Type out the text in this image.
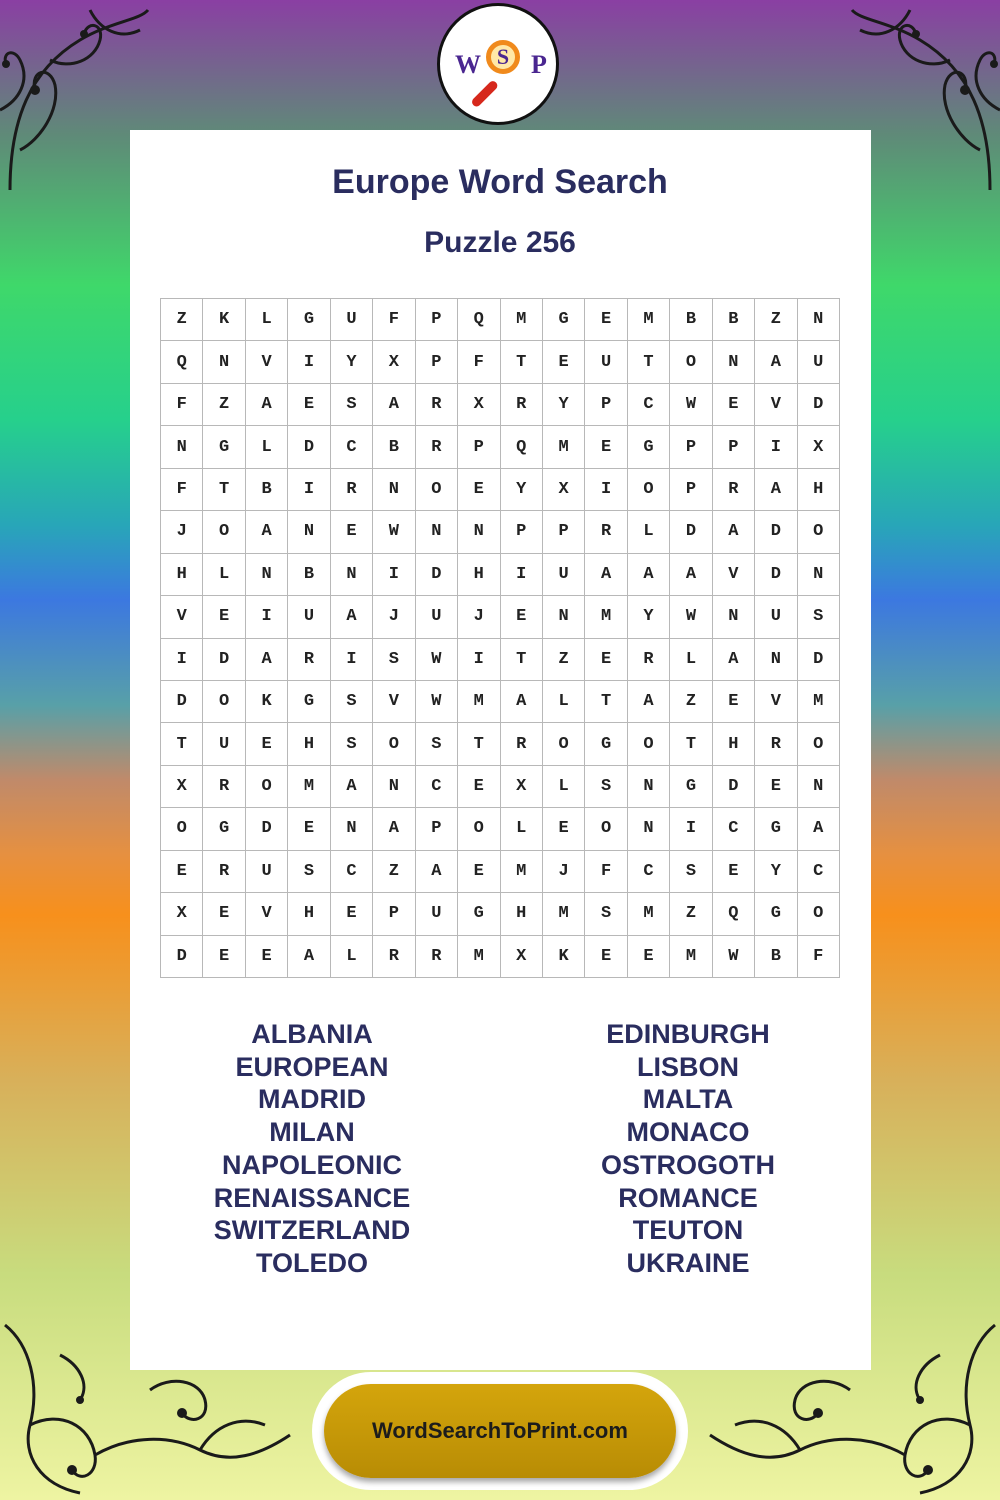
W S P
Europe Word Search
Puzzle 256
Z	K	L	G	U	F	P	Q	M	G	E	M	B	B	Z	N
Q	N	V	I	Y	X	P	F	T	E	U	T	O	N	A	U
F	Z	A	E	S	A	R	X	R	Y	P	C	W	E	V	D
N	G	L	D	C	B	R	P	Q	M	E	G	P	P	I	X
F	T	B	I	R	N	O	E	Y	X	I	O	P	R	A	H
J	O	A	N	E	W	N	N	P	P	R	L	D	A	D	O
H	L	N	B	N	I	D	H	I	U	A	A	A	V	D	N
V	E	I	U	A	J	U	J	E	N	M	Y	W	N	U	S
I	D	A	R	I	S	W	I	T	Z	E	R	L	A	N	D
D	O	K	G	S	V	W	M	A	L	T	A	Z	E	V	M
T	U	E	H	S	O	S	T	R	O	G	O	T	H	R	O
X	R	O	M	A	N	C	E	X	L	S	N	G	D	E	N
O	G	D	E	N	A	P	O	L	E	O	N	I	C	G	A
E	R	U	S	C	Z	A	E	M	J	F	C	S	E	Y	C
X	E	V	H	E	P	U	G	H	M	S	M	Z	Q	G	O
D	E	E	A	L	R	R	M	X	K	E	E	M	W	B	F
ALBANIA
EUROPEAN
MADRID
MILAN
NAPOLEONIC
RENAISSANCE
SWITZERLAND
TOLEDO
EDINBURGH
LISBON
MALTA
MONACO
OSTROGOTH
ROMANCE
TEUTON
UKRAINE
WordSearchToPrint.com
